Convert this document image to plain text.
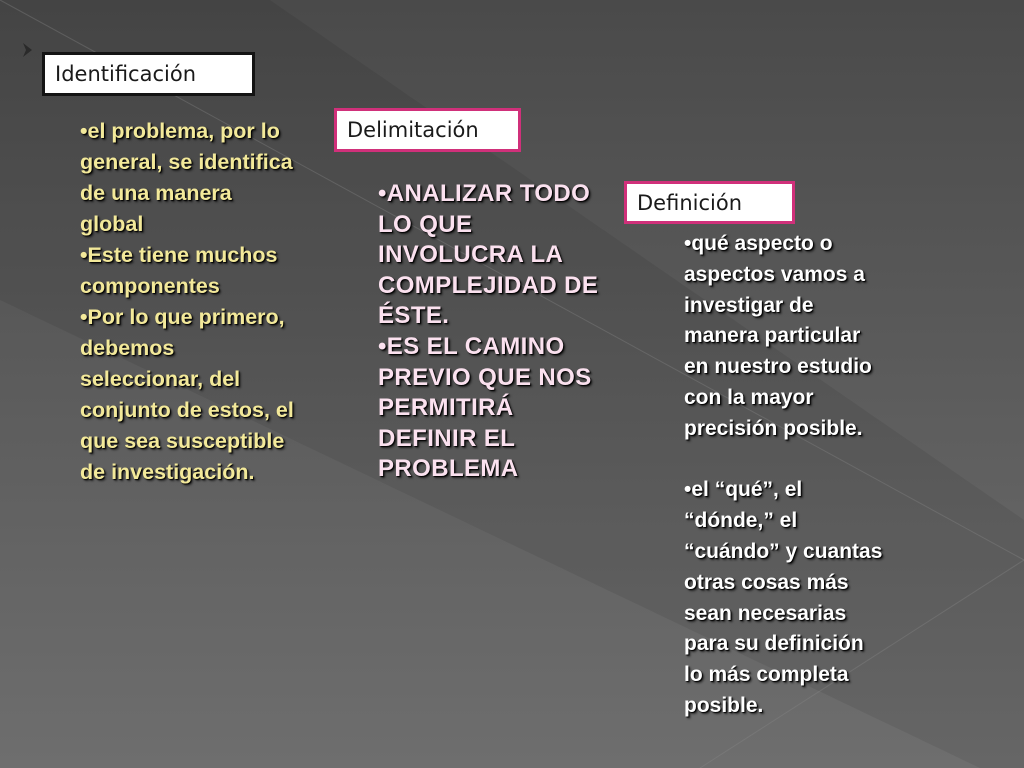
Identificación
Delimitación
Definición
•el problema, por lo
general, se identifica
de una manera
global
•Este tiene muchos
componentes
•Por lo que primero,
debemos
seleccionar, del
conjunto de estos, el
que sea susceptible
de investigación.
•ANALIZAR TODO
LO QUE
INVOLUCRA LA
COMPLEJIDAD DE
ÉSTE.
•ES EL CAMINO
PREVIO QUE NOS
PERMITIRÁ
DEFINIR EL
PROBLEMA
•qué aspecto o
aspectos vamos a
investigar de
manera particular
en nuestro estudio
con la mayor
precisión posible.
•el “qué”, el
“dónde,” el
“cuándo” y cuantas
otras cosas más
sean necesarias
para su definición
lo más completa
posible.
